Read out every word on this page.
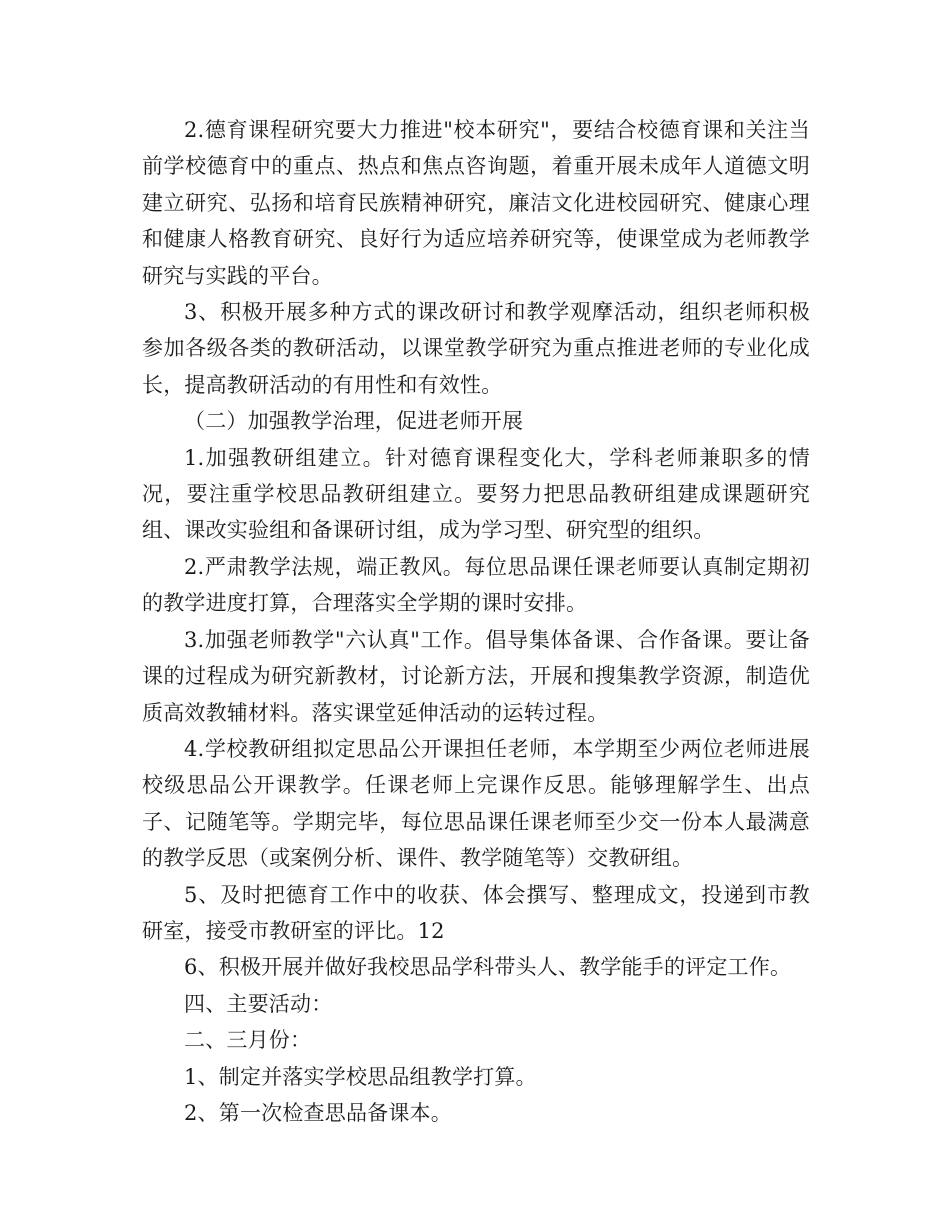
2.德育课程研究要大力推进"校本研究"，要结合校德育课和关注当前学校德育中的重点、热点和焦点咨询题，着重开展未成年人道德文明建立研究、弘扬和培育民族精神研究，廉洁文化进校园研究、健康心理和健康人格教育研究、良好行为适应培养研究等，使课堂成为老师教学研究与实践的平台。

3、积极开展多种方式的课改研讨和教学观摩活动，组织老师积极参加各级各类的教研活动，以课堂教学研究为重点推进老师的专业化成长，提高教研活动的有用性和有效性。

（二）加强教学治理，促进老师开展

1.加强教研组建立。针对德育课程变化大，学科老师兼职多的情况，要注重学校思品教研组建立。要努力把思品教研组建成课题研究组、课改实验组和备课研讨组，成为学习型、研究型的组织。

2.严肃教学法规，端正教风。每位思品课任课老师要认真制定期初的教学进度打算，合理落实全学期的课时安排。

3.加强老师教学"六认真"工作。倡导集体备课、合作备课。要让备课的过程成为研究新教材，讨论新方法，开展和搜集教学资源，制造优质高效教辅材料。落实课堂延伸活动的运转过程。

4.学校教研组拟定思品公开课担任老师，本学期至少两位老师进展校级思品公开课教学。任课老师上完课作反思。能够理解学生、出点子、记随笔等。学期完毕，每位思品课任课老师至少交一份本人最满意的教学反思（或案例分析、课件、教学随笔等）交教研组。

5、及时把德育工作中的收获、体会撰写、整理成文，投递到市教研室，接受市教研室的评比。12

6、积极开展并做好我校思品学科带头人、教学能手的评定工作。

四、主要活动：

二、三月份：

1、制定并落实学校思品组教学打算。

2、第一次检查思品备课本。
